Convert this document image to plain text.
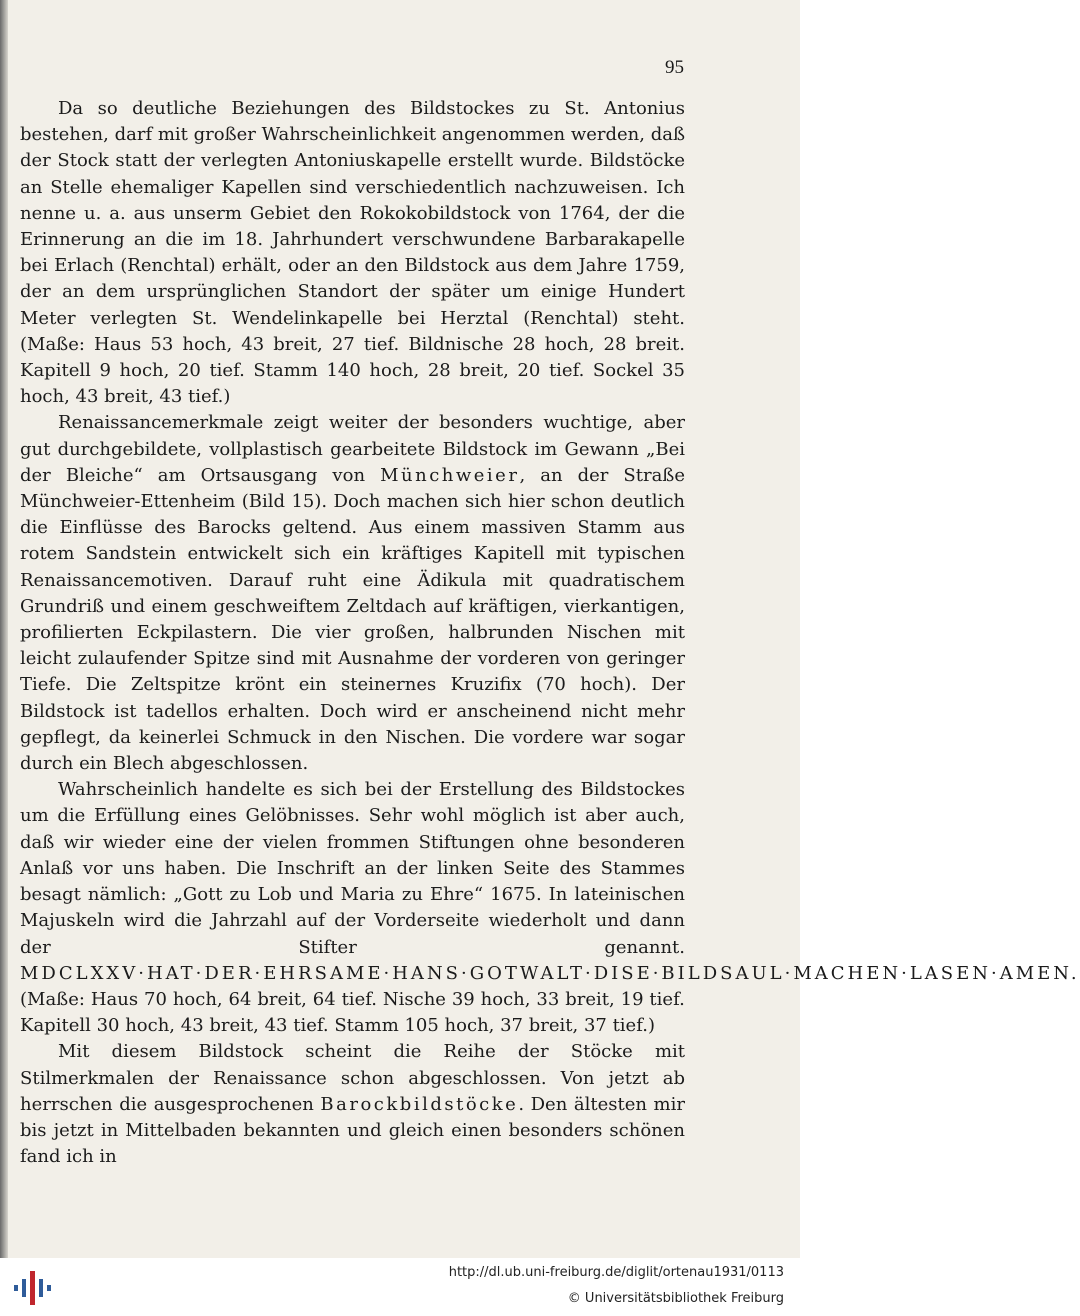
95

Da so deutliche Beziehungen des Bildstockes zu St. Antonius bestehen, darf mit großer Wahrscheinlichkeit angenommen werden, daß der Stock statt der verlegten Antoniuskapelle erstellt wurde. Bildstöcke an Stelle ehemaliger Kapellen sind verschiedentlich nachzuweisen. Ich nenne u. a. aus unserm Gebiet den Rokokobildstock von 1764, der die Erinnerung an die im 18. Jahrhundert verschwundene Barbarakapelle bei Erlach (Renchtal) erhält, oder an den Bildstock aus dem Jahre 1759, der an dem ursprünglichen Standort der später um einige Hundert Meter verlegten St. Wendelinkapelle bei Herztal (Renchtal) steht. (Maße: Haus 53 hoch, 43 breit, 27 tief. Bildnische 28 hoch, 28 breit. Kapitell 9 hoch, 20 tief. Stamm 140 hoch, 28 breit, 20 tief. Sockel 35 hoch, 43 breit, 43 tief.)

Renaissancemerkmale zeigt weiter der besonders wuchtige, aber gut durchgebildete, vollplastisch gearbeitete Bildstock im Gewann „Bei der Bleiche“ am Ortsausgang von Münchweier, an der Straße Münchweier-Ettenheim (Bild 15). Doch machen sich hier schon deutlich die Einflüsse des Barocks geltend. Aus einem massiven Stamm aus rotem Sandstein entwickelt sich ein kräftiges Kapitell mit typischen Renaissancemotiven. Darauf ruht eine Ädikula mit quadratischem Grundriß und einem geschweiftem Zeltdach auf kräftigen, vierkantigen, profilierten Eckpilastern. Die vier großen, halbrunden Nischen mit leicht zulaufender Spitze sind mit Ausnahme der vorderen von geringer Tiefe. Die Zeltspitze krönt ein steinernes Kruzifix (70 hoch). Der Bildstock ist tadellos erhalten. Doch wird er anscheinend nicht mehr gepflegt, da keinerlei Schmuck in den Nischen. Die vordere war sogar durch ein Blech abgeschlossen.

Wahrscheinlich handelte es sich bei der Erstellung des Bildstockes um die Erfüllung eines Gelöbnisses. Sehr wohl möglich ist aber auch, daß wir wieder eine der vielen frommen Stiftungen ohne besonderen Anlaß vor uns haben. Die Inschrift an der linken Seite des Stammes besagt nämlich: „Gott zu Lob und Maria zu Ehre“ 1675. In lateinischen Majuskeln wird die Jahrzahl auf der Vorderseite wiederholt und dann der Stifter genannt. MDCLXXV·HAT·DER·EHRSAME·HANS·GOTWALT·DISE·BILDSAUL·MACHEN·LASEN·AMEN. (Maße: Haus 70 hoch, 64 breit, 64 tief. Nische 39 hoch, 33 breit, 19 tief. Kapitell 30 hoch, 43 breit, 43 tief. Stamm 105 hoch, 37 breit, 37 tief.)

Mit diesem Bildstock scheint die Reihe der Stöcke mit Stilmerkmalen der Renaissance schon abgeschlossen. Von jetzt ab herrschen die ausgesprochenen Barockbildstöcke. Den ältesten mir bis jetzt in Mittelbaden bekannten und gleich einen besonders schönen fand ich in

http://dl.ub.uni-freiburg.de/diglit/ortenau1931/0113
© Universitätsbibliothek Freiburg
